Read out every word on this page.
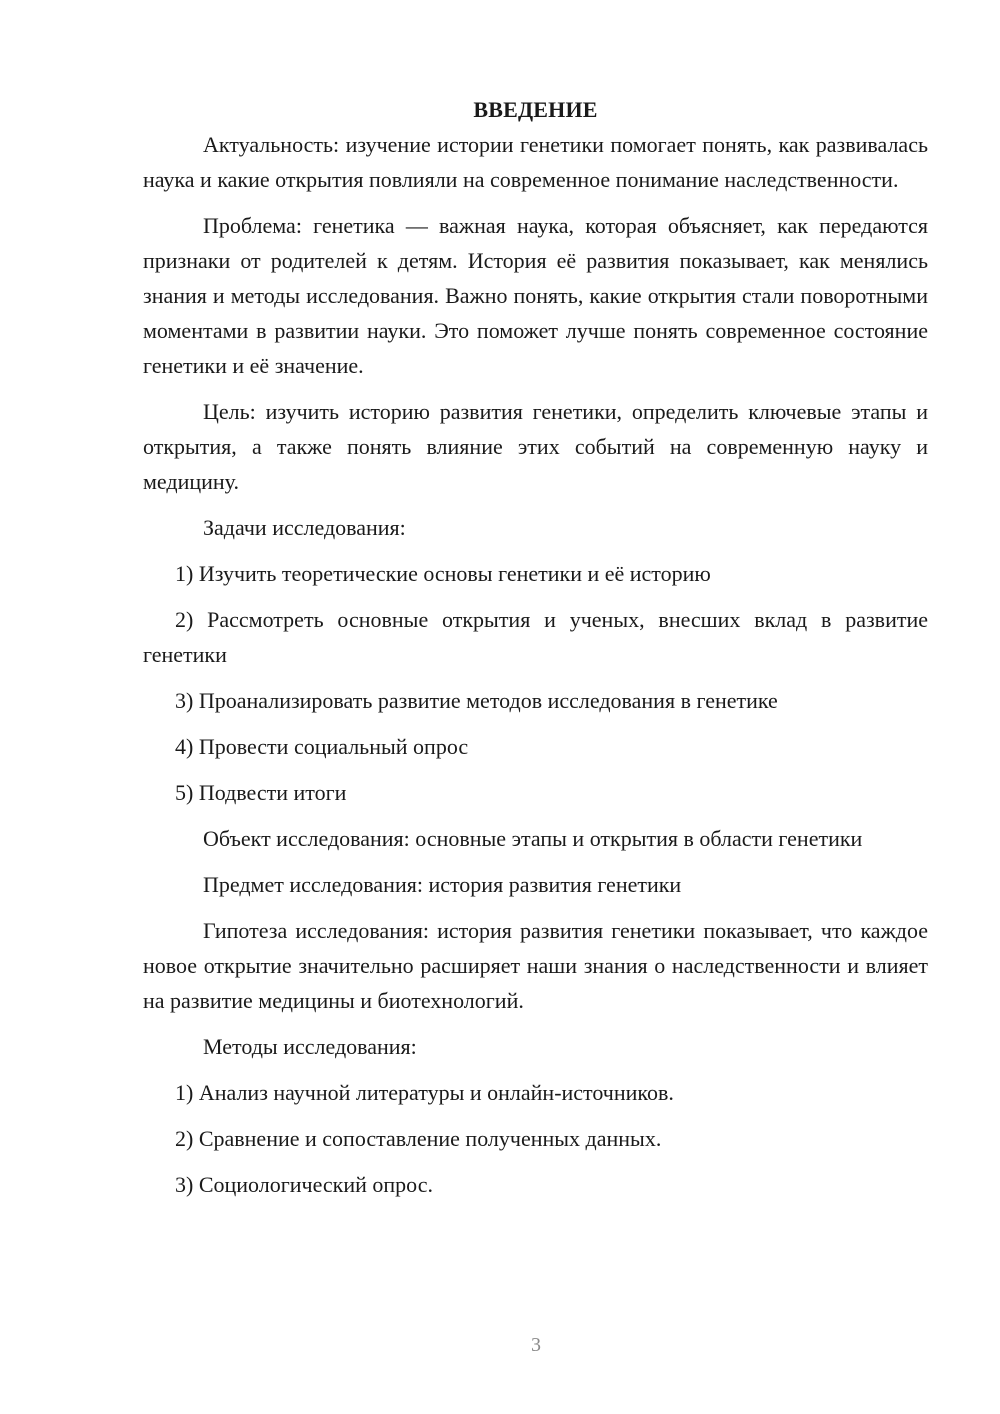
ВВЕДЕНИЕ

Актуальность: изучение истории генетики помогает понять, как развивалась наука и какие открытия повлияли на современное понимание наследственности.

Проблема: генетика — важная наука, которая объясняет, как передаются признаки от родителей к детям. История её развития показывает, как менялись знания и методы исследования. Важно понять, какие открытия стали поворотными моментами в развитии науки. Это поможет лучше понять современное состояние генетики и её значение.

Цель: изучить историю развития генетики, определить ключевые этапы и открытия, а также понять влияние этих событий на современную науку и медицину.

Задачи исследования:

1) Изучить теоретические основы генетики и её историю

2) Рассмотреть основные открытия и ученых, внесших вклад в развитие генетики

3) Проанализировать развитие методов исследования в генетике

4) Провести социальный опрос

5) Подвести итоги

Объект исследования: основные этапы и открытия в области генетики

Предмет исследования: история развития генетики

Гипотеза исследования: история развития генетики показывает, что каждое новое открытие значительно расширяет наши знания о наследственности и влияет на развитие медицины и биотехнологий.

Методы исследования:

1) Анализ научной литературы и онлайн-источников.

2) Сравнение и сопоставление полученных данных.

3) Социологический опрос.

3
